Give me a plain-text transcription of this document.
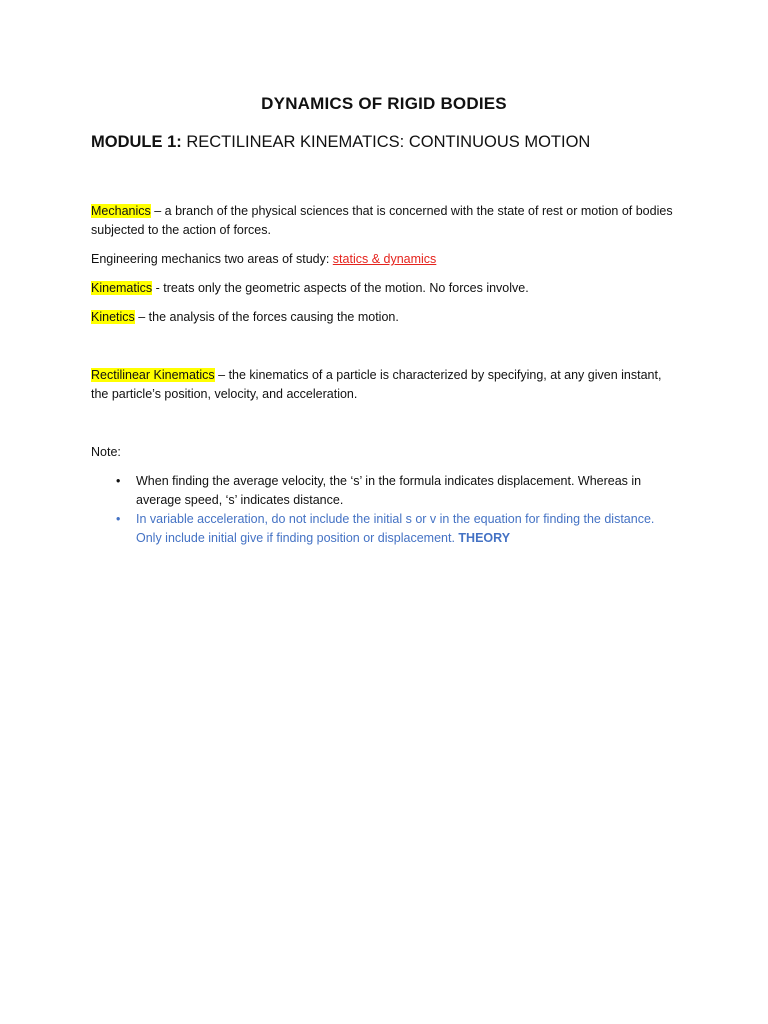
DYNAMICS OF RIGID BODIES
MODULE 1: RECTILINEAR KINEMATICS: CONTINUOUS MOTION
Mechanics – a branch of the physical sciences that is concerned with the state of rest or motion of bodies subjected to the action of forces.
Engineering mechanics two areas of study: statics & dynamics
Kinematics - treats only the geometric aspects of the motion. No forces involve.
Kinetics – the analysis of the forces causing the motion.
Rectilinear Kinematics – the kinematics of a particle is characterized by specifying, at any given instant, the particle’s position, velocity, and acceleration.
Note:
• When finding the average velocity, the ‘s’ in the formula indicates displacement. Whereas in average speed, ‘s’ indicates distance.
• In variable acceleration, do not include the initial s or v in the equation for finding the distance. Only include initial give if finding position or displacement. THEORY
